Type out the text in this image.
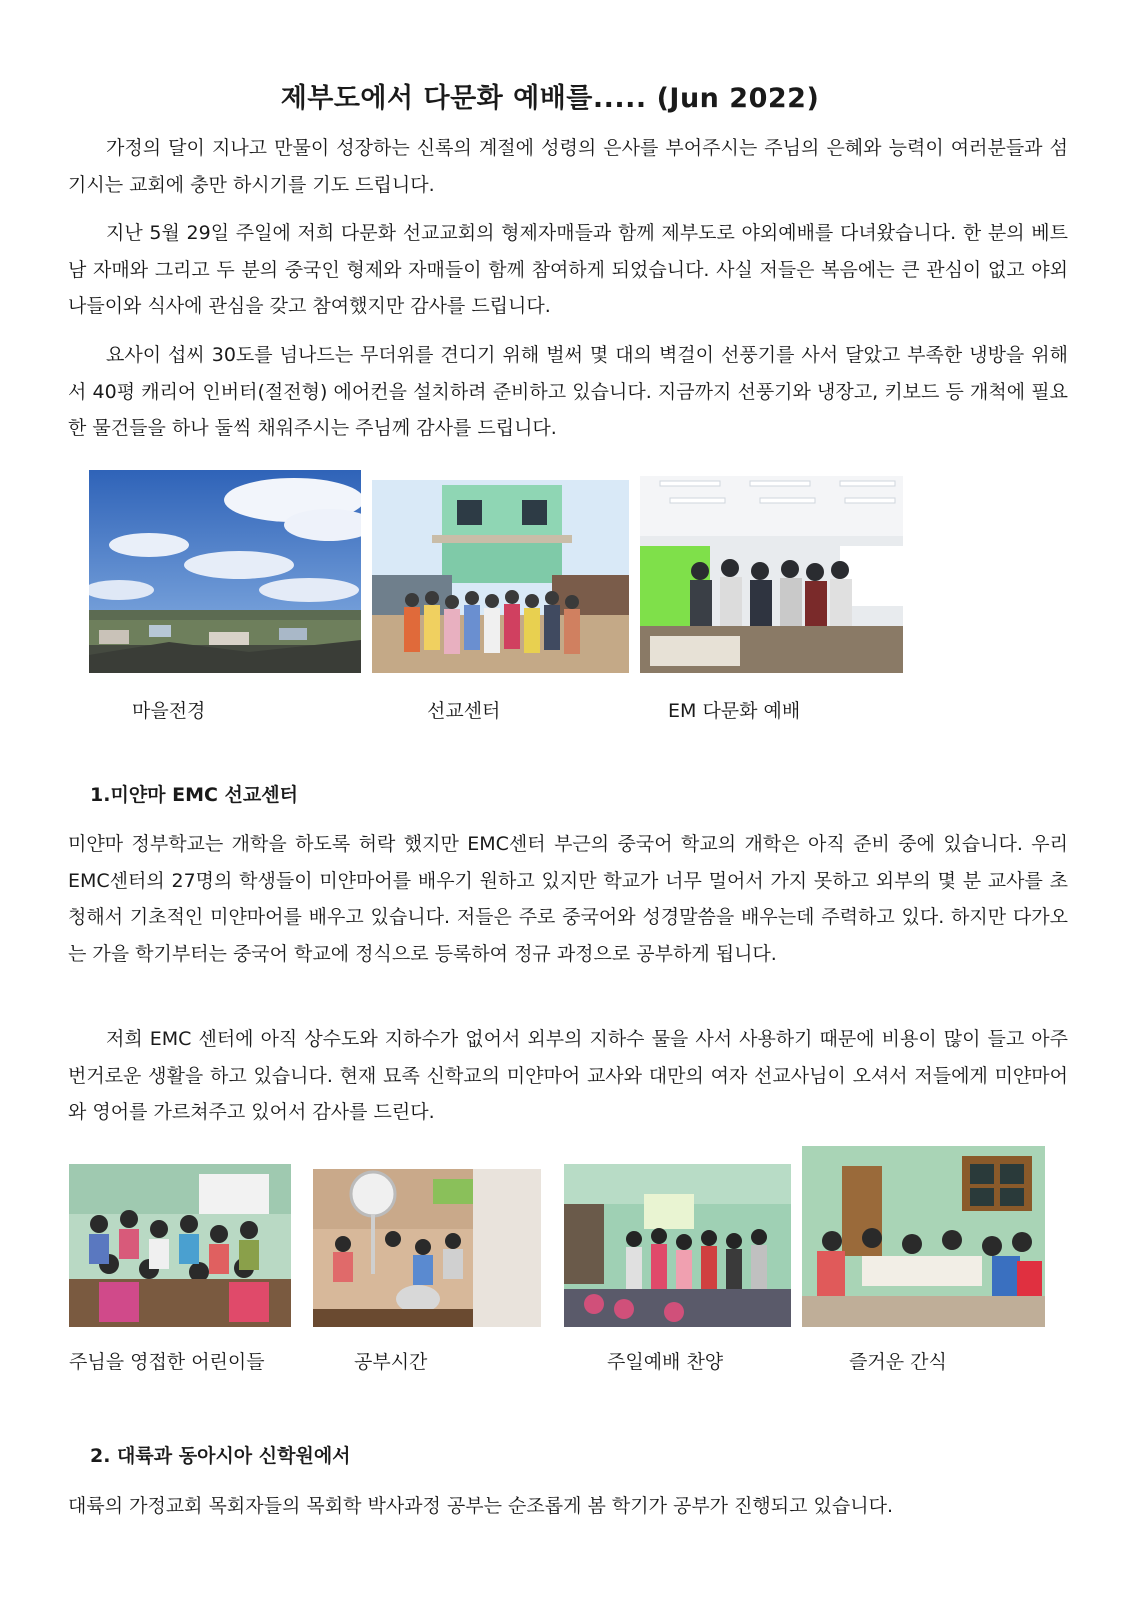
제부도에서 다문화 예배를..... (Jun 2022)

가정의 달이 지나고 만물이 성장하는 신록의 계절에 성령의 은사를 부어주시는 주님의 은혜와 능력이 여러분들과 섬기시는 교회에 충만 하시기를 기도 드립니다.

지난 5월 29일 주일에 저희 다문화 선교교회의 형제자매들과 함께 제부도로 야외예배를 다녀왔습니다. 한 분의 베트남 자매와 그리고 두 분의 중국인 형제와 자매들이 함께 참여하게 되었습니다. 사실 저들은 복음에는 큰 관심이 없고 야외나들이와 식사에 관심을 갖고 참여했지만 감사를 드립니다.

요사이 섭씨 30도를 넘나드는 무더위를 견디기 위해 벌써 몇 대의 벽걸이 선풍기를 사서 달았고 부족한 냉방을 위해서 40평 캐리어 인버터(절전형) 에어컨을 설치하려 준비하고 있습니다. 지금까지 선풍기와 냉장고, 키보드 등 개척에 필요한 물건들을 하나 둘씩 채워주시는 주님께 감사를 드립니다.

마을전경	선교센터	EM 다문화 예배
1.미얀마 EMC 선교센터

미얀마 정부학교는 개학을 하도록 허락 했지만 EMC센터 부근의 중국어 학교의 개학은 아직 준비 중에 있습니다. 우리 EMC센터의 27명의 학생들이 미얀마어를 배우기 원하고 있지만 학교가 너무 멀어서 가지 못하고 외부의 몇 분 교사를 초청해서 기초적인 미얀마어를 배우고 있습니다. 저들은 주로 중국어와 성경말씀을 배우는데 주력하고 있다. 하지만 다가오는 가을 학기부터는 중국어 학교에 정식으로 등록하여 정규 과정으로 공부하게 됩니다.

저희 EMC 센터에 아직 상수도와 지하수가 없어서 외부의 지하수 물을 사서 사용하기 때문에 비용이 많이 들고 아주 번거로운 생활을 하고 있습니다. 현재 묘족 신학교의 미얀마어 교사와 대만의 여자 선교사님이 오셔서 저들에게 미얀마어와 영어를 가르쳐주고 있어서 감사를 드린다.

주님을 영접한 어린이들	공부시간	주일예배 찬양	즐거운 간식
2. 대륙과 동아시아 신학원에서

대륙의 가정교회 목회자들의 목회학 박사과정 공부는 순조롭게 봄 학기가 공부가 진행되고 있습니다.
